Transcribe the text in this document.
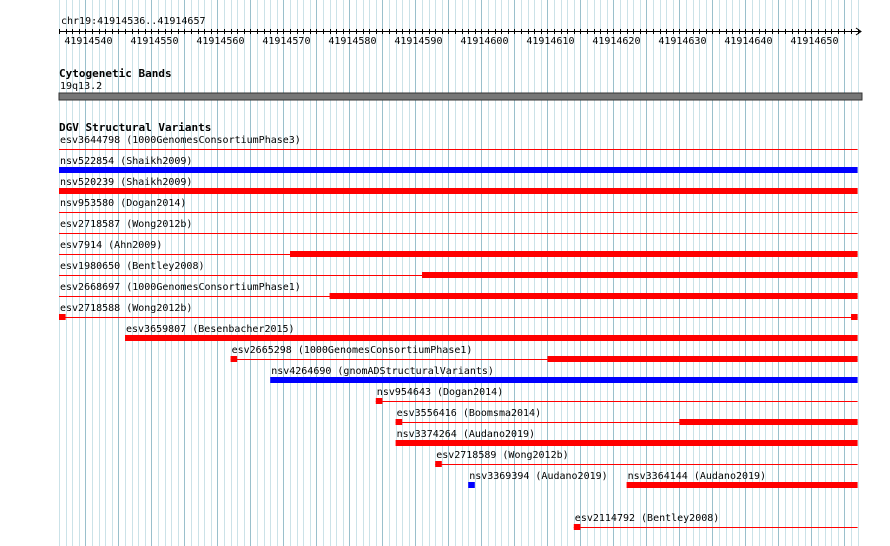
chr19:41914536..41914657
41914540 41914550 41914560 41914570 41914580 41914590 41914600 41914610 41914620 41914630 41914640 41914650
Cytogenetic Bands
19q13.2
DGV Structural Variants
esv3644798 (1000GenomesConsortiumPhase3)
nsv522854 (Shaikh2009)
nsv520239 (Shaikh2009)
nsv953580 (Dogan2014)
esv2718587 (Wong2012b)
esv7914 (Ahn2009)
esv1980650 (Bentley2008)
esv2668697 (1000GenomesConsortiumPhase1)
esv2718588 (Wong2012b)
esv3659807 (Besenbacher2015)
esv2665298 (1000GenomesConsortiumPhase1)
nsv4264690 (gnomADStructuralVariants)
nsv954643 (Dogan2014)
esv3556416 (Boomsma2014)
nsv3374264 (Audano2019)
esv2718589 (Wong2012b)
nsv3369394 (Audano2019) nsv3364144 (Audano2019)
esv2114792 (Bentley2008)
